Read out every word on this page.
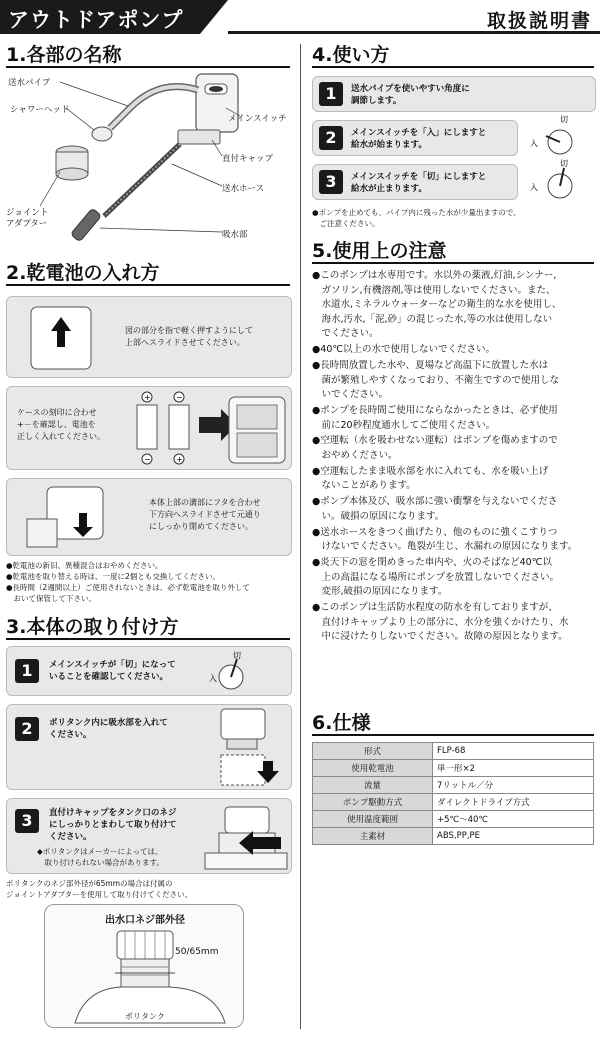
アウトドアポンプ	取扱説明書
1.各部の名称
送水パイプ
シャワーヘッド
メインスイッチ
直付キャップ
送水ホース
ジョイント
アダプター
吸水部
2.乾電池の入れ方
図の部分を指で軽く押すようにして
上部へスライドさせてください。
ケースの刻印に合わせ
+－を確認し、電池を
正しく入れてください。
+	−
−	+
本体上部の溝部にフタを合わせ
下方向へスライドさせて元通り
にしっかり閉めてください。
●乾電池の新旧、異種混合はおやめください。
●乾電池を取り替える時は、一度に2個とも交換してください。
●長時間（2週間以上）ご使用されないときは、必ず乾電池を取り外して
　おいて保管して下さい。
3.本体の取り付け方
1	メインスイッチが「切」になって
いることを確認してください。
切
入
2	ポリタンク内に吸水部を入れて
ください。
3	直付けキャップをタンク口のネジ
にしっかりとまわして取り付けて
ください。
◆ポリタンクはメーカーによっては、
　取り付けられない場合があります。
ポリタンクのネジ部外径が65mmの場合は付属の
ジョイントアダプターを使用して取り付けてください。
出水口ネジ部外径
50/65mm
ポリタンク
4.使い方
1	送水パイプを使いやすい角度に
調節します。
2	メインスイッチを「入」にしますと
給水が始まります。
切
入
3	メインスイッチを「切」にしますと
給水が止まります。
切
入
●ポンプを止めても、パイプ内に残った水が少量出ますので、
　ご注意ください。
5.使用上の注意
●このポンプは水専用です。水以外の薬液,灯油,シンナー,
　ガソリン,有機溶剤,等は使用しないでください。また、
　水道水,ミネラルウォーターなどの衛生的な水を使用し、
　海水,汚水,「泥,砂」の混じった水,等の水は使用しない
　でください。
●40℃以上の水で使用しないでください。
●長時間放置した水や、夏場など高温下に放置した水は
　菌が繁殖しやすくなっており、不衛生ですので使用しな
　いでください。
●ポンプを長時間ご使用にならなかったときは、必ず使用
　前に20秒程度通水してご使用ください。
●空運転（水を吸わせない運転）はポンプを傷めますので
　おやめください。
●空運転したまま吸水部を水に入れても、水を吸い上げ
　ないことがあります。
●ポンプ本体及び、吸水部に強い衝撃を与えないでくださ
　い。破損の原因になります。
●送水ホースをきつく曲げたり、他のものに強くこすりつ
　けないでください。亀裂が生じ、水漏れの原因になります。
●炎天下の窓を閉めきった車内や、火のそばなど40℃以
　上の高温になる場所にポンプを放置しないでください。
　変形,破損の原因になります。
●このポンプは生活防水程度の防水を有しておりますが、
　直付けキャップより上の部分に、水分を強くかけたり、水
　中に浸けたりしないでください。故障の原因となります。
6.仕様
形式	FLP-68
使用乾電池	単一形×2
流量	7リットル／分
ポンプ駆動方式	ダイレクトドライブ方式
使用温度範囲	+5℃〜40℃
主素材	ABS,PP,PE
